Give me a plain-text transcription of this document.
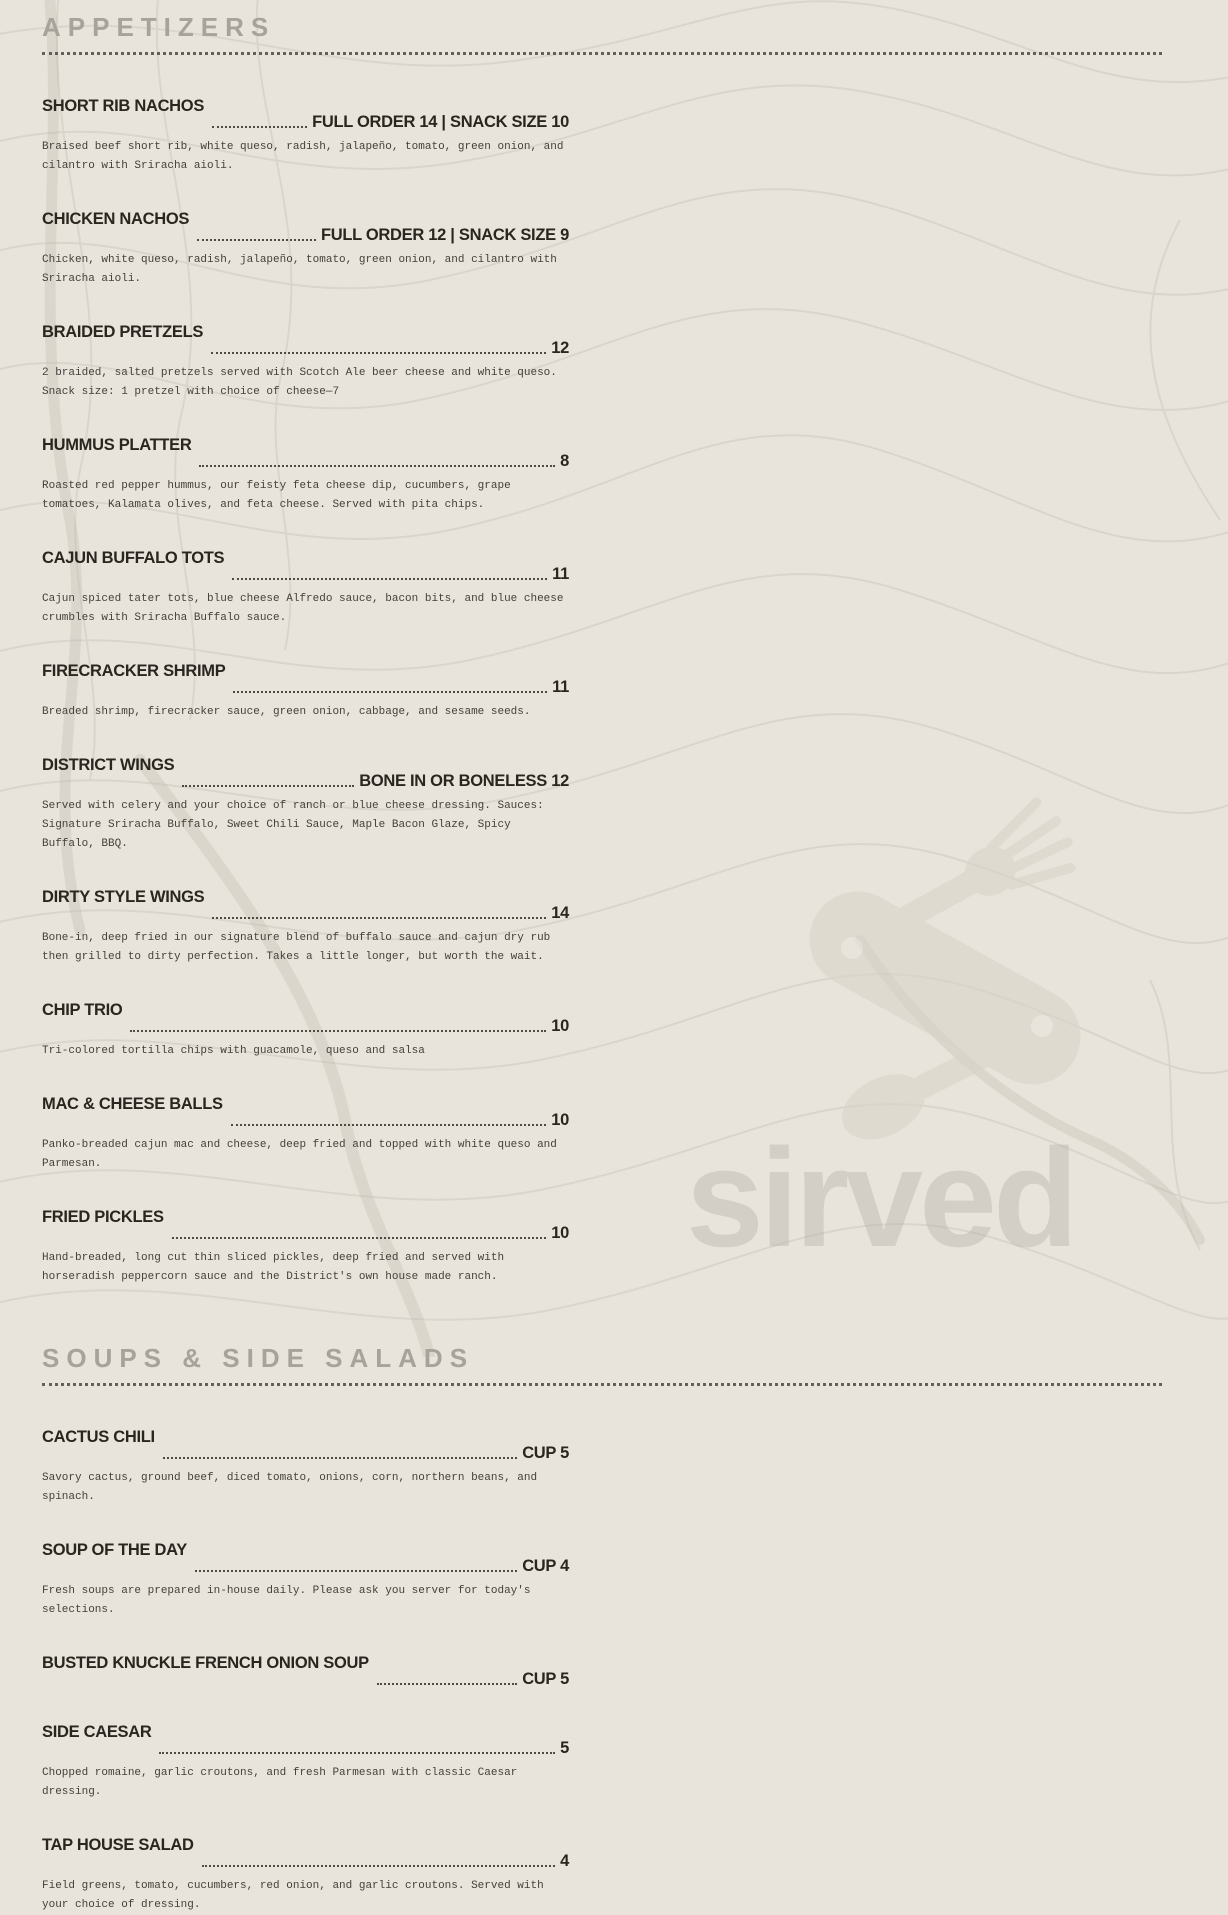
sirved
APPETIZERS
SHORT RIB NACHOS
FULL ORDER 14 | SNACK SIZE 10

Braised beef short rib, white queso, radish, jalapeño, tomato, green onion, and cilantro with Sriracha aioli.

CHICKEN NACHOS
FULL ORDER 12 | SNACK SIZE 9

Chicken, white queso, radish, jalapeño, tomato, green onion, and cilantro with Sriracha aioli.

BRAIDED PRETZELS
12

2 braided, salted pretzels served with Scotch Ale beer cheese and white queso. Snack size: 1 pretzel with choice of cheese—7

HUMMUS PLATTER
8

Roasted red pepper hummus, our feisty feta cheese dip, cucumbers, grape tomatoes, Kalamata olives, and feta cheese. Served with pita chips.

CAJUN BUFFALO TOTS
11

Cajun spiced tater tots, blue cheese Alfredo sauce, bacon bits, and blue cheese crumbles with Sriracha Buffalo sauce.

FIRECRACKER SHRIMP
11

Breaded shrimp, firecracker sauce, green onion, cabbage, and sesame seeds.

DISTRICT WINGS
BONE IN OR BONELESS 12

Served with celery and your choice of ranch or blue cheese dressing. Sauces: Signature Sriracha Buffalo, Sweet Chili Sauce, Maple Bacon Glaze, Spicy Buffalo, BBQ.

DIRTY STYLE WINGS
14

Bone-in, deep fried in our signature blend of buffalo sauce and cajun dry rub then grilled to dirty perfection. Takes a little longer, but worth the wait.

CHIP TRIO
10

Tri-colored tortilla chips with guacamole, queso and salsa

MAC & CHEESE BALLS
10

Panko-breaded cajun mac and cheese, deep fried and topped with white queso and Parmesan.

FRIED PICKLES
10

Hand-breaded, long cut thin sliced pickles, deep fried and served with horseradish peppercorn sauce and the District's own house made ranch.

SOUPS & SIDE SALADS
CACTUS CHILI
CUP 5

Savory cactus, ground beef, diced tomato, onions, corn, northern beans, and spinach.

SOUP OF THE DAY
CUP 4

Fresh soups are prepared in-house daily. Please ask you server for today's selections.

BUSTED KNUCKLE FRENCH ONION SOUP
CUP 5
SIDE CAESAR
5

Chopped romaine, garlic croutons, and fresh Parmesan with classic Caesar dressing.

TAP HOUSE SALAD
4

Field greens, tomato, cucumbers, red onion, and garlic croutons. Served with your choice of dressing.
